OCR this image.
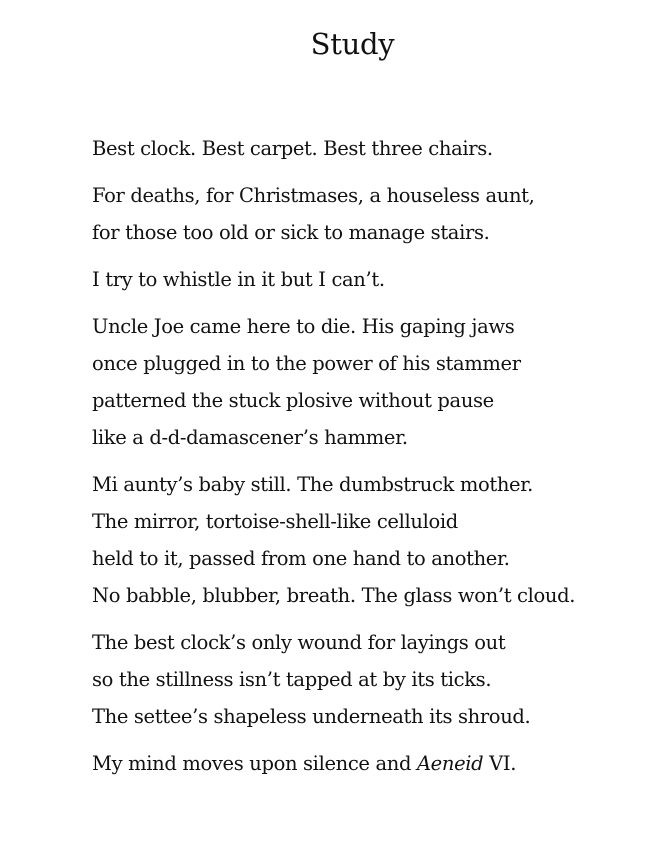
Study
Best clock. Best carpet. Best three chairs.
For deaths, for Christmases, a houseless aunt,
for those too old or sick to manage stairs.
I try to whistle in it but I can’t.
Uncle Joe came here to die. His gaping jaws
once plugged in to the power of his stammer
patterned the stuck plosive without pause
like a d-d-damascener’s hammer.
Mi aunty’s baby still. The dumbstruck mother.
The mirror, tortoise-shell-like celluloid
held to it, passed from one hand to another.
No babble, blubber, breath. The glass won’t cloud.
The best clock’s only wound for layings out
so the stillness isn’t tapped at by its ticks.
The settee’s shapeless underneath its shroud.
My mind moves upon silence and Aeneid VI.
